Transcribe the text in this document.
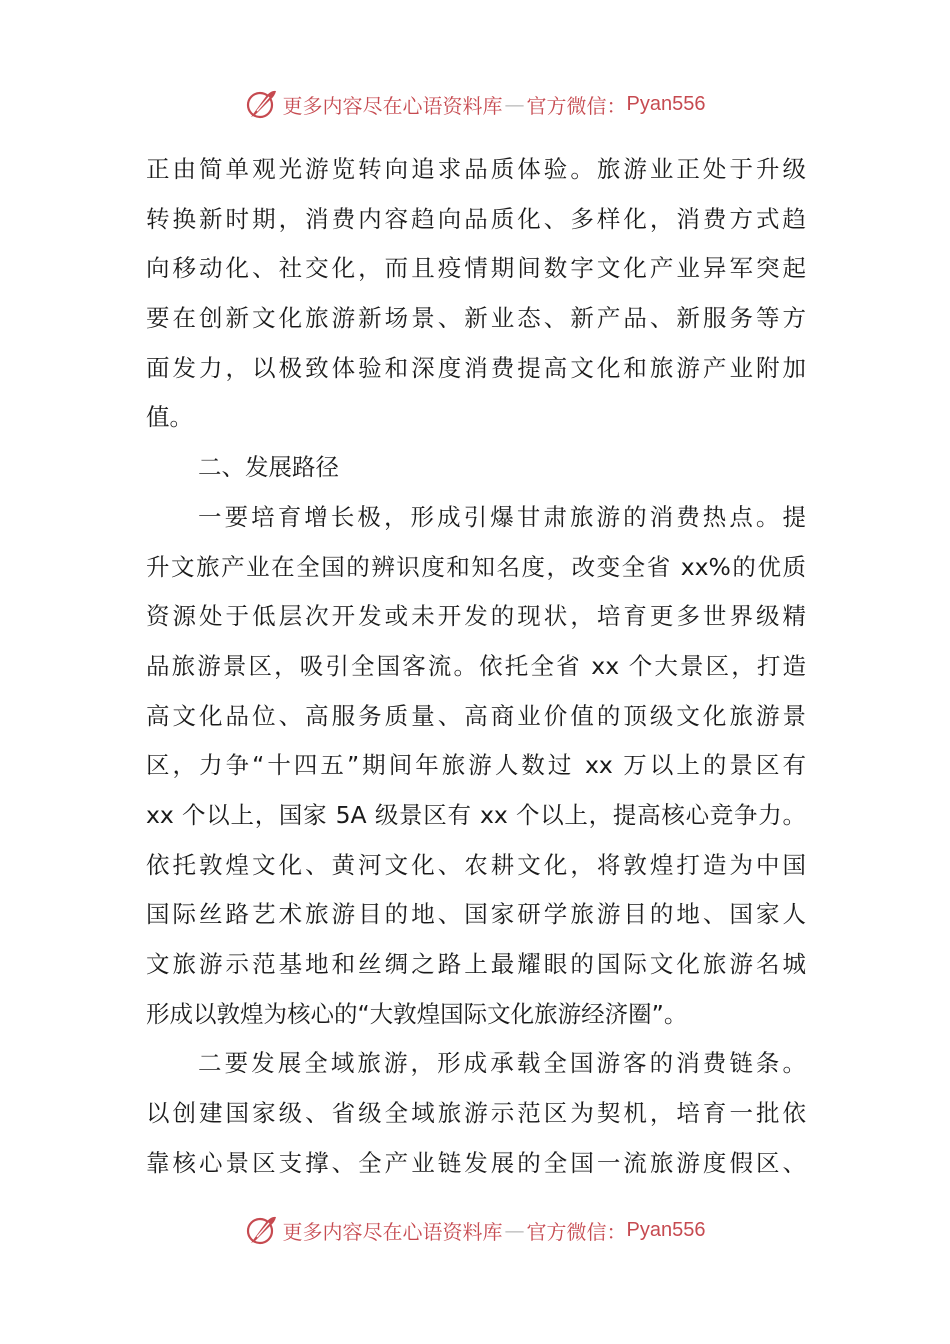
更多内容尽在心语资料库 — 官方微信： Pyan556
正由简单观光游览转向追求品质体验。旅游业正处于升级
转换新时期，消费内容趋向品质化、多样化，消费方式趋
向移动化、社交化，而且疫情期间数字文化产业异军突起
要在创新文化旅游新场景、新业态、新产品、新服务等方
面发力，以极致体验和深度消费提高文化和旅游产业附加
值。
二、发展路径
一要培育增长极，形成引爆甘肃旅游的消费热点。提
升文旅产业在全国的辨识度和知名度，改变全省 xx%的优质
资源处于低层次开发或未开发的现状，培育更多世界级精
品旅游景区，吸引全国客流。依托全省 xx 个大景区，打造
高文化品位、高服务质量、高商业价值的顶级文化旅游景
区，力争“十四五”期间年旅游人数过 xx 万以上的景区有
xx 个以上，国家 5A 级景区有 xx 个以上，提高核心竞争力。
依托敦煌文化、黄河文化、农耕文化，将敦煌打造为中国
国际丝路艺术旅游目的地、国家研学旅游目的地、国家人
文旅游示范基地和丝绸之路上最耀眼的国际文化旅游名城
形成以敦煌为核心的“大敦煌国际文化旅游经济圈”。
二要发展全域旅游，形成承载全国游客的消费链条。
以创建国家级、省级全域旅游示范区为契机，培育一批依
靠核心景区支撑、全产业链发展的全国一流旅游度假区、
更多内容尽在心语资料库 — 官方微信： Pyan556
